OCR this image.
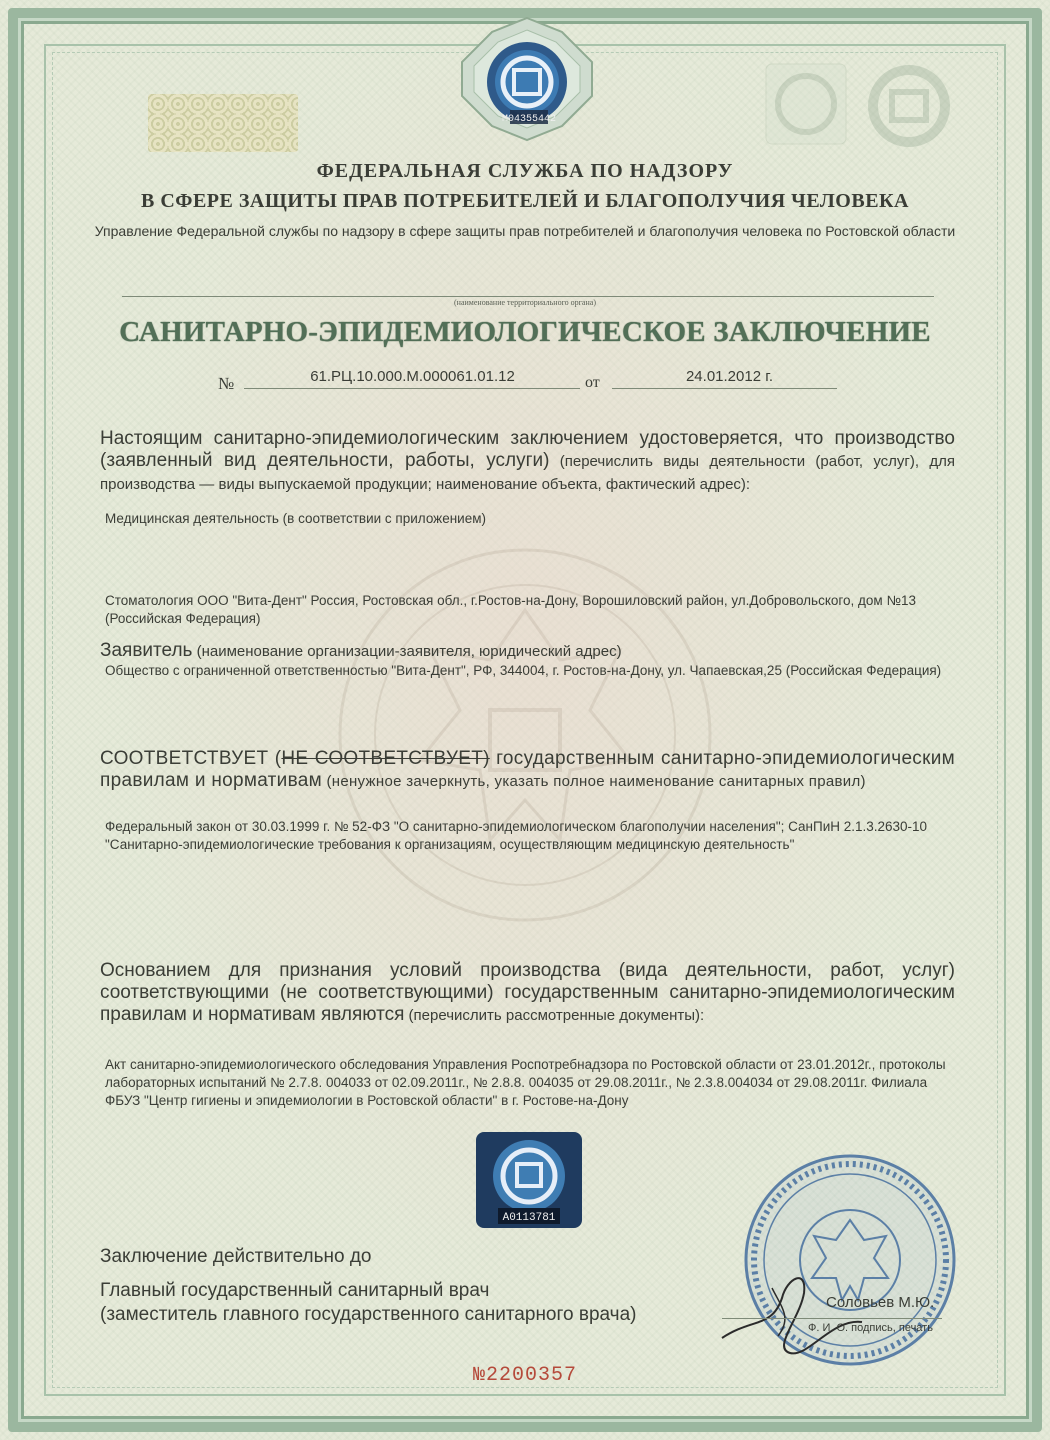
М04355442
ФЕДЕРАЛЬНАЯ СЛУЖБА ПО НАДЗОРУ
В СФЕРЕ ЗАЩИТЫ ПРАВ ПОТРЕБИТЕЛЕЙ И БЛАГОПОЛУЧИЯ ЧЕЛОВЕКА
Управление Федеральной службы по надзору в сфере защиты прав потребителей и благополучия человека по Ростовской области
(наименование территориального органа)
САНИТАРНО-ЭПИДЕМИОЛОГИЧЕСКОЕ ЗАКЛЮЧЕНИЕ
№	61.РЦ.10.000.М.000061.01.12	от	24.01.2012 г.
Настоящим санитарно-эпидемиологическим заключением удостоверяется, что производство (заявленный вид деятельности, работы, услуги) (перечислить виды деятельности (работ, услуг), для производства — виды выпускаемой продукции; наименование объекта, фактический адрес):
Медицинская деятельность (в соответствии с приложением)
Стоматология ООО "Вита-Дент" Россия, Ростовская обл., г.Ростов-на-Дону, Ворошиловский район, ул.Добровольского, дом №13 (Российская Федерация)
Заявитель (наименование организации-заявителя, юридический адрес)
Общество с ограниченной ответственностью "Вита-Дент", РФ, 344004, г. Ростов-на-Дону, ул. Чапаевская,25 (Российская Федерация)
СООТВЕТСТВУЕТ (НЕ СООТВЕТСТВУЕТ) государственным санитарно-эпидемиологическим правилам и нормативам (ненужное зачеркнуть, указать полное наименование санитарных правил)
Федеральный закон от 30.03.1999 г. № 52-ФЗ "О санитарно-эпидемиологическом благополучии населения"; СанПиН 2.1.3.2630-10 "Санитарно-эпидемиологические требования к организациям, осуществляющим медицинскую деятельность"
Основанием для признания условий производства (вида деятельности, работ, услуг) соответствующими (не соответствующими) государственным санитарно-эпидемиологическим правилам и нормативам являются (перечислить рассмотренные документы):
Акт санитарно-эпидемиологического обследования Управления Роспотребнадзора по Ростовской области от 23.01.2012г., протоколы лабораторных испытаний № 2.7.8. 004033 от 02.09.2011г., № 2.8.8. 004035 от 29.08.2011г., № 2.3.8.004034 от 29.08.2011г. Филиала ФБУЗ "Центр гигиены и эпидемиологии в Ростовской области" в г. Ростове-на-Дону
А0113781
Заключение действительно до
Главный государственный санитарный врач
(заместитель главного государственного санитарного врача)
Соловьев М.Ю.
Ф. И. О. подпись, печать
№2200357
